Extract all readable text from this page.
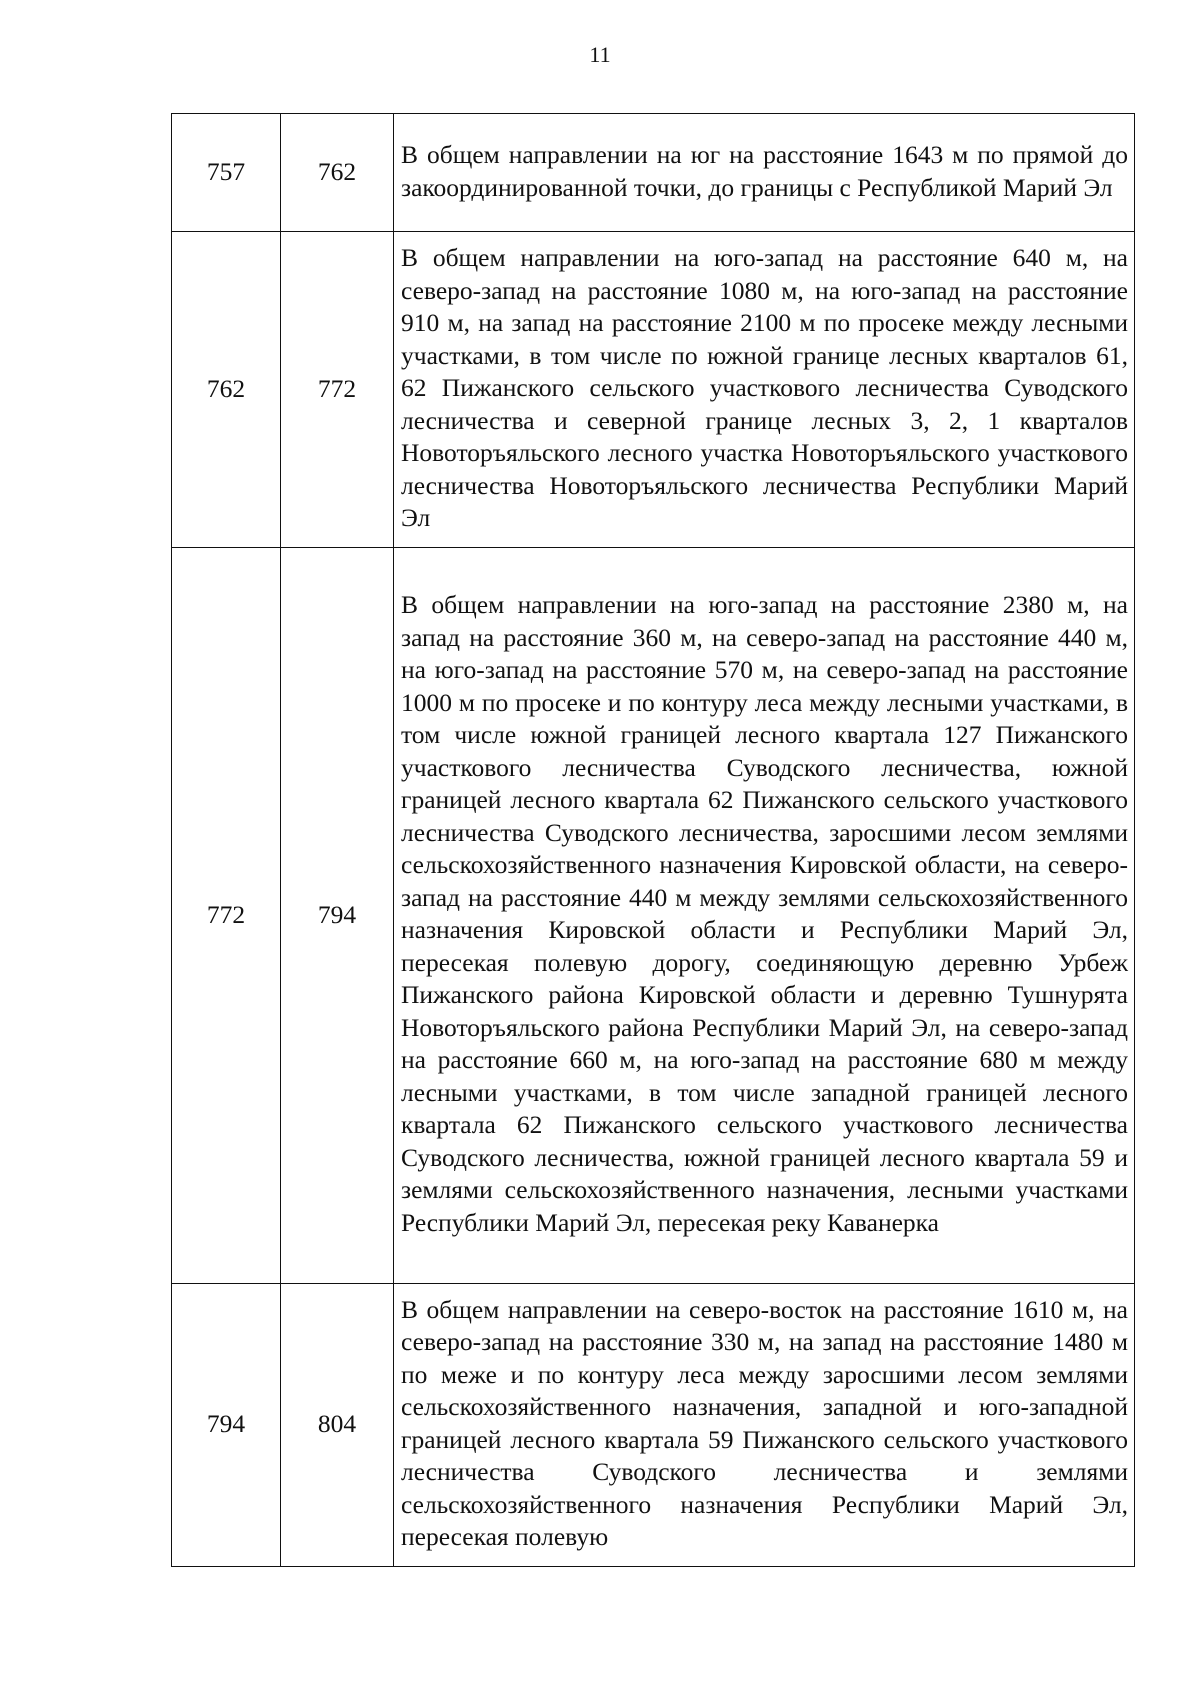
11
757	762	В общем направлении на юг на расстояние 1643 м по прямой до закоординированной точки, до границы с Республикой Марий Эл

762	772	В общем направлении на юго-запад на расстояние 640 м, на северо-запад на расстояние 1080 м, на юго-запад на расстояние 910 м, на запад на расстояние 2100 м по просеке между лесными участками, в том числе по южной границе лесных кварталов 61, 62 Пижанского сельского участкового лесничества Суводского лесничества и северной границе лесных 3, 2, 1 кварталов Новоторъяльского лесного участка Новоторъяльского участкового лесничества Новоторъяльского лесничества Республики Марий Эл

772	794	В общем направлении на юго-запад на расстояние 2380 м, на запад на расстояние 360 м, на северо-запад на расстояние 440 м, на юго-запад на расстояние 570 м, на северо-запад на расстояние 1000 м по просеке и по контуру леса между лесными участками, в том числе южной границей лесного квартала 127 Пижанского участкового лесничества Суводского лесничества, южной границей лесного квартала 62 Пижанского сельского участкового лесничества Суводского лесничества, заросшими лесом землями сельскохозяйственного назначения Кировской области, на северо-запад на расстояние 440 м между землями сельскохозяйственного назначения Кировской области и Республики Марий Эл, пересекая полевую дорогу, соединяющую деревню Урбеж Пижанского района Кировской области и деревню Тушнурята Новоторъяльского района Республики Марий Эл, на северо-запад на расстояние 660 м, на юго-запад на расстояние 680 м между лесными участками, в том числе западной границей лесного квартала 62 Пижанского сельского участкового лесничества Суводского лесничества, южной границей лесного квартала 59 и землями сельскохозяйственного назначения, лесными участками Республики Марий Эл, пересекая реку Каванерка

794	804	В общем направлении на северо-восток на расстояние 1610 м, на северо-запад на расстояние 330 м, на запад на расстояние 1480 м по меже и по контуру леса между заросшими лесом землями сельскохозяйственного назначения, западной и юго-западной границей лесного квартала 59 Пижанского сельского участкового лесничества Суводского лесничества и землями сельскохозяйственного назначения Республики Марий Эл, пересекая полевую
